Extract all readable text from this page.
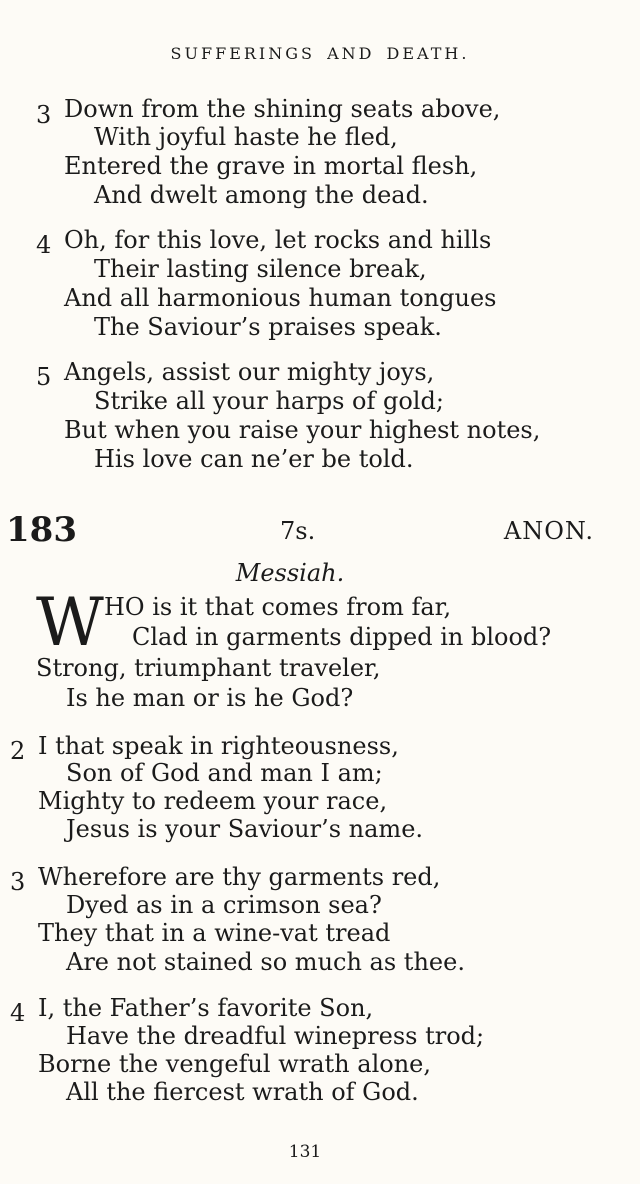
SUFFERINGS AND DEATH.
3 Down from the shining seats above,
With joyful haste he fled,
Entered the grave in mortal flesh,
And dwelt among the dead.
4 Oh, for this love, let rocks and hills
Their lasting silence break,
And all harmonious human tongues
The Saviour’s praises speak.
5 Angels, assist our mighty joys,
Strike all your harps of gold;
But when you raise your highest notes,
His love can ne’er be told.
183	7s.	ANON.
Messiah.
W HO is it that comes from far,
Clad in garments dipped in blood?
Strong, triumphant traveler,
Is he man or is he God?
2 I that speak in righteousness,
Son of God and man I am;
Mighty to redeem your race,
Jesus is your Saviour’s name.
3 Wherefore are thy garments red,
Dyed as in a crimson sea?
They that in a wine-vat tread
Are not stained so much as thee.
4 I, the Father’s favorite Son,
Have the dreadful winepress trod;
Borne the vengeful wrath alone,
All the fiercest wrath of God.
131
